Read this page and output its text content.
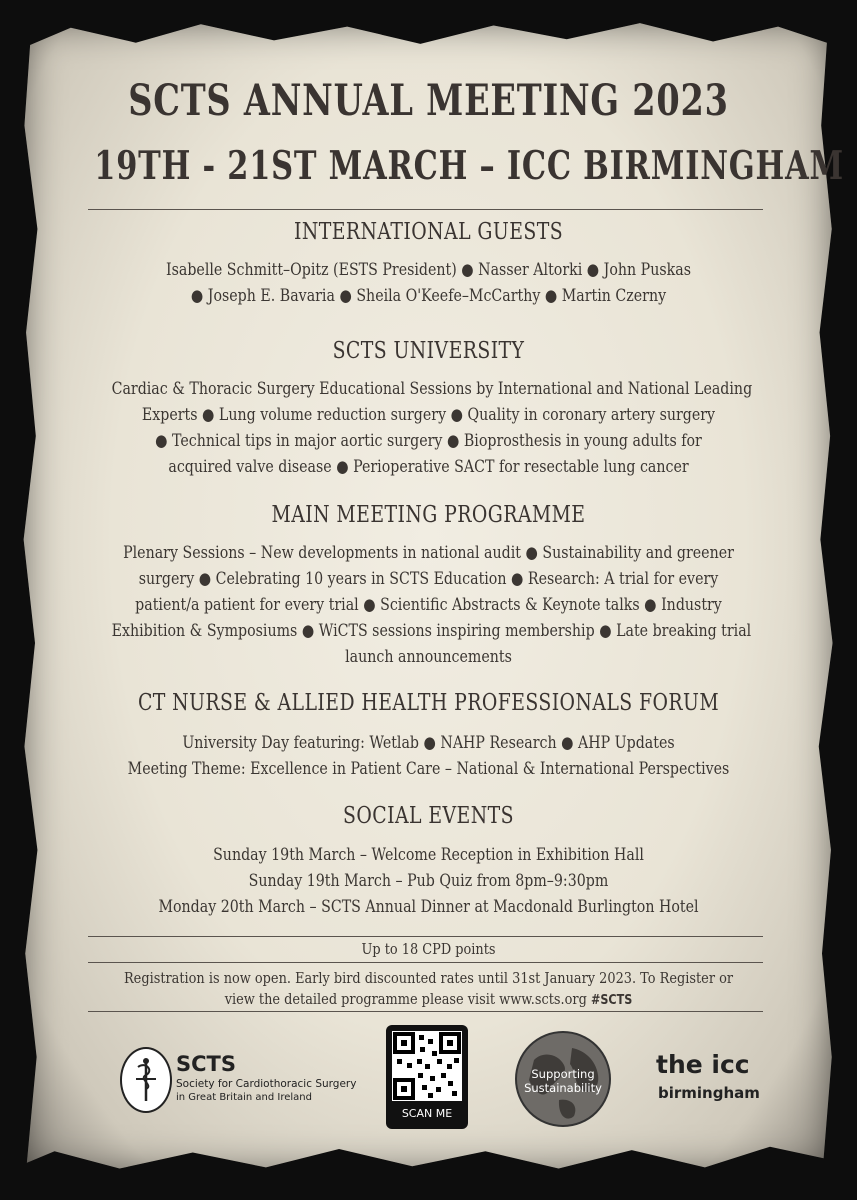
SCTS ANNUAL MEETING 2023
19TH - 21ST MARCH – ICC BIRMINGHAM
INTERNATIONAL GUESTS
Isabelle Schmitt–Opitz (ESTS President) ● Nasser Altorki ● John Puskas
● Joseph E. Bavaria ● Sheila O'Keefe–McCarthy ● Martin Czerny
SCTS UNIVERSITY
Cardiac & Thoracic Surgery Educational Sessions by International and National Leading
Experts ● Lung volume reduction surgery ● Quality in coronary artery surgery
● Technical tips in major aortic surgery ● Bioprosthesis in young adults for
acquired valve disease ● Perioperative SACT for resectable lung cancer
MAIN MEETING PROGRAMME
Plenary Sessions – New developments in national audit ● Sustainability and greener
surgery ● Celebrating 10 years in SCTS Education ● Research: A trial for every
patient/a patient for every trial ● Scientific Abstracts & Keynote talks ● Industry
Exhibition & Symposiums ● WiCTS sessions inspiring membership ● Late breaking trial
launch announcements
CT NURSE & ALLIED HEALTH PROFESSIONALS FORUM
University Day featuring: Wetlab ● NAHP Research ● AHP Updates
Meeting Theme: Excellence in Patient Care – National & International Perspectives
SOCIAL EVENTS
Sunday 19th March – Welcome Reception in Exhibition Hall
Sunday 19th March – Pub Quiz from 8pm–9:30pm
Monday 20th March – SCTS Annual Dinner at Macdonald Burlington Hotel
Up to 18 CPD points
Registration is now open. Early bird discounted rates until 31st January 2023. To Register or
view the detailed programme please visit www.scts.org #SCTS
SCTS
Society for Cardiothoracic Surgery
in Great Britain and Ireland
SCAN ME
Supporting
Sustainability
the icc
birmingham
